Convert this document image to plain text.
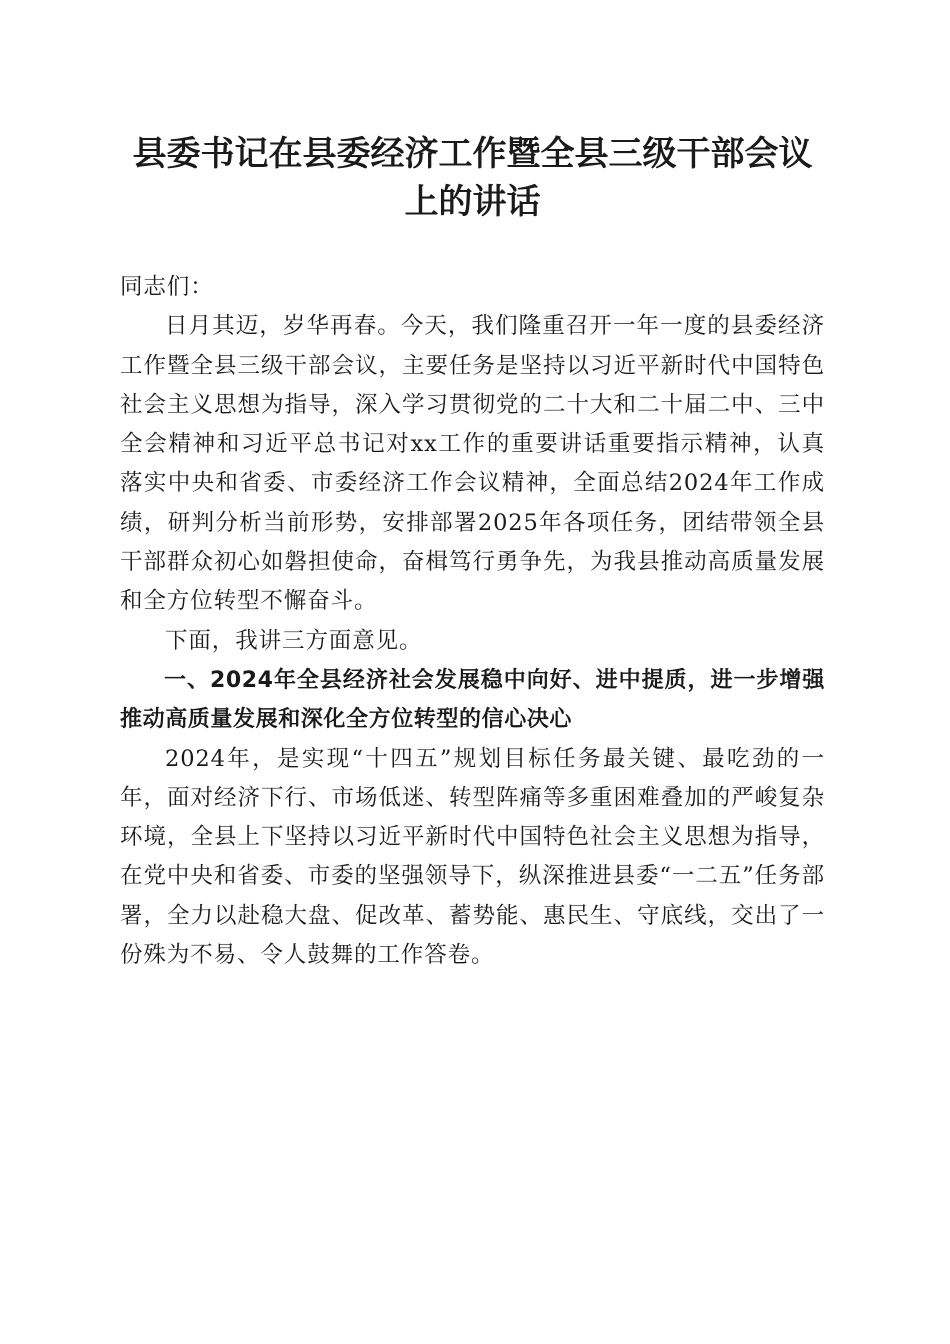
县委书记在县委经济工作暨全县三级干部会议
上的讲话

同志们：

日月其迈，岁华再春。今天，我们隆重召开一年一度的县委经济工作暨全县三级干部会议，主要任务是坚持以习近平新时代中国特色社会主义思想为指导，深入学习贯彻党的二十大和二十届二中、三中全会精神和习近平总书记对xx工作的重要讲话重要指示精神，认真落实中央和省委、市委经济工作会议精神，全面总结2024年工作成绩，研判分析当前形势，安排部署2025年各项任务，团结带领全县干部群众初心如磐担使命，奋楫笃行勇争先，为我县推动高质量发展和全方位转型不懈奋斗。

下面，我讲三方面意见。

一、2024年全县经济社会发展稳中向好、进中提质，进一步增强推动高质量发展和深化全方位转型的信心决心

2024年，是实现“十四五”规划目标任务最关键、最吃劲的一年，面对经济下行、市场低迷、转型阵痛等多重困难叠加的严峻复杂环境，全县上下坚持以习近平新时代中国特色社会主义思想为指导，在党中央和省委、市委的坚强领导下，纵深推进县委“一二五”任务部署，全力以赴稳大盘、促改革、蓄势能、惠民生、守底线，交出了一份殊为不易、令人鼓舞的工作答卷。
